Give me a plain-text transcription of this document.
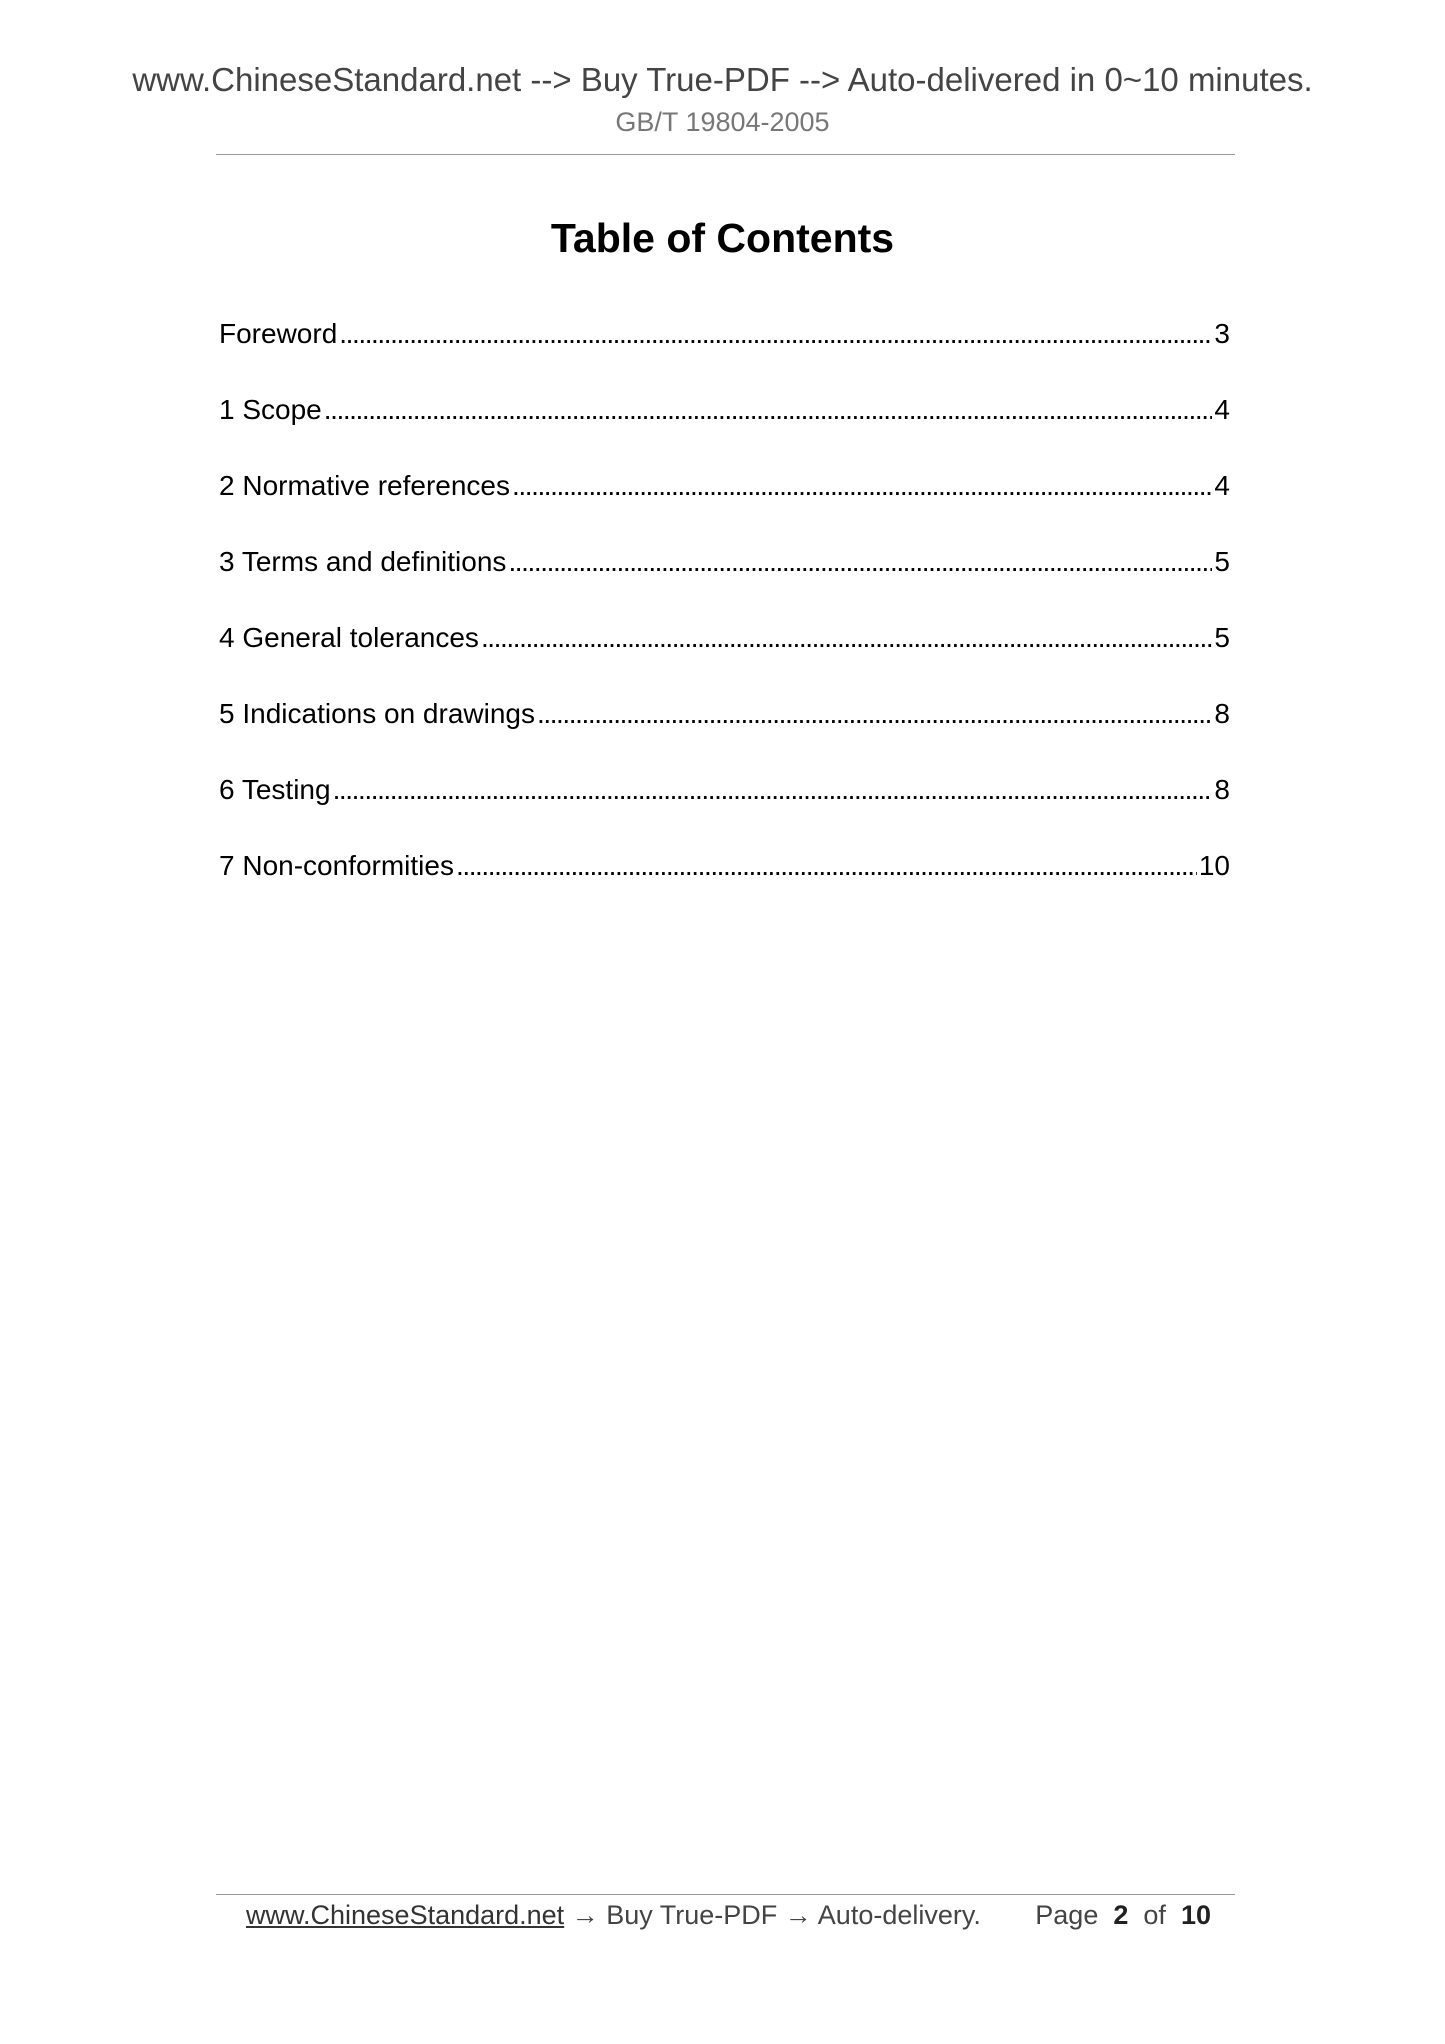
www.ChineseStandard.net --> Buy True-PDF --> Auto-delivered in 0~10 minutes.
GB/T 19804-2005
Table of Contents
Foreword . . .	3
1 Scope . . .	4
2 Normative references . . .	4
3 Terms and definitions . . .	5
4 General tolerances . . .	5
5 Indications on drawings . . .	8
6 Testing . . .	8
7 Non-conformities . . .	10
www.ChineseStandard.net → Buy True-PDF → Auto-delivery. Page 2 of 10
